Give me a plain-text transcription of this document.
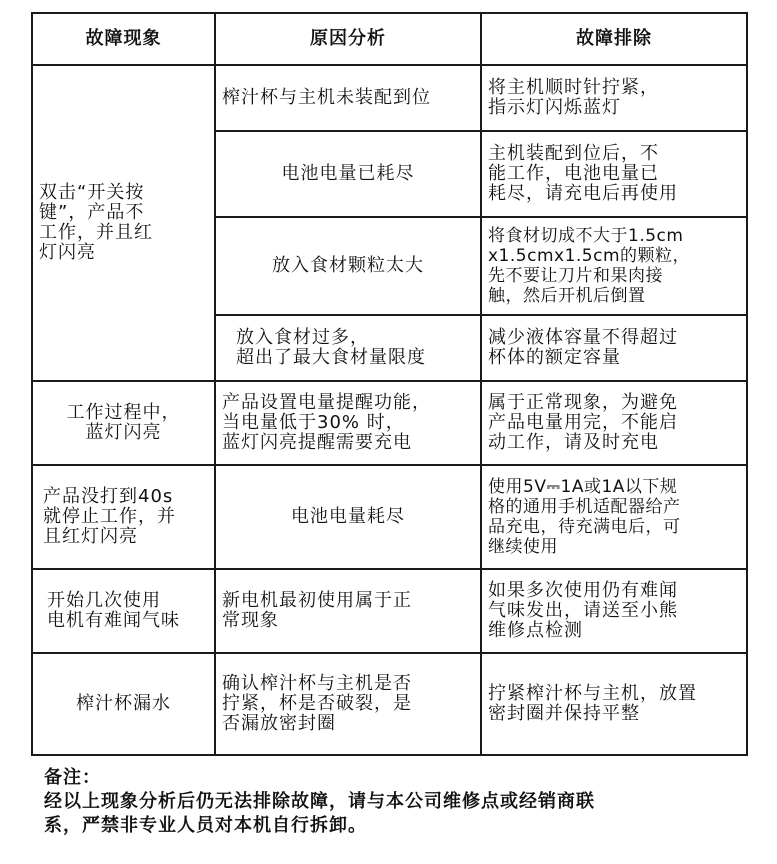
故障现象	原因分析	故障排除

双击“开关按
键”，产品不
工作，并且红
灯闪亮	榨汁杯与主机未装配到位	将主机顺时针拧紧，
指示灯闪烁蓝灯

	电池电量已耗尽	主机装配到位后，不
能工作，电池电量已
耗尽，请充电后再使用

	放入食材颗粒太大	将食材切成不大于1.5cm
x1.5cmx1.5cm的颗粒，
先不要让刀片和果肉接
触，然后开机后倒置

	放入食材过多，
超出了最大食材量限度	减少液体容量不得超过
杯体的额定容量

工作过程中，
蓝灯闪亮	产品设置电量提醒功能，
当电量低于30% 时，
蓝灯闪亮提醒需要充电	属于正常现象，为避免
产品电量用完，不能启
动工作，请及时充电

产品没打到40s
就停止工作，并
且红灯闪亮	电池电量耗尽	使用5V⎓1A或1A以下规
格的通用手机适配器给产
品充电，待充满电后，可
继续使用

开始几次使用
电机有难闻气味	新电机最初使用属于正
常现象	如果多次使用仍有难闻
气味发出，请送至小熊
维修点检测

榨汁杯漏水	确认榨汁杯与主机是否
拧紧，杯是否破裂，是
否漏放密封圈	拧紧榨汁杯与主机，放置
密封圈并保持平整
备注：
经以上现象分析后仍无法排除故障，请与本公司维修点或经销商联
系，严禁非专业人员对本机自行拆卸。
